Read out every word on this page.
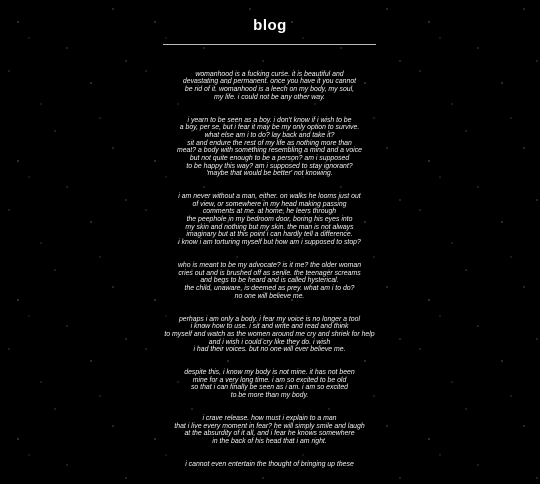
blog

womanhood is a fucking curse. it is beautiful and
devastating and permanent. once you have it you cannot
be rid of it. womanhood is a leech on my body, my soul,
my life. i could not be any other way.

i yearn to be seen as a boy. i don't know if i wish to be
a boy, per se, but i fear it may be my only option to survive.
what else am i to do? lay back and take it?
sit and endure the rest of my life as nothing more than
meat? a body with something resembling a mind and a voice
but not quite enough to be a person? am i supposed
to be happy this way? am i supposed to stay ignorant?
'maybe that would be better' not knowing.

i am never without a man, either. on walks he looms just out
of view, or somewhere in my head making passing
comments at me. at home, he leers through
the peephole in my bedroom door, boring his eyes into
my skin and nothing but my skin. the man is not always
imaginary but at this point i can hardly tell a difference.
i know i am torturing myself but how am i supposed to stop?

who is meant to be my advocate? is it me? the older woman
cries out and is brushed off as senile. the teenager screams
and begs to be heard and is called hysterical.
the child, unaware, is deemed as prey. what am i to do?
no one will believe me.

perhaps i am only a body. i fear my voice is no longer a tool
i know how to use. i sit and write and read and think
to myself and watch as the women around me cry and shriek for help
and i wish i could cry like they do. i wish
i had their voices. but no one will ever believe me.

despite this, i know my body is not mine. it has not been
mine for a very long time. i am so excited to be old
so that i can finally be seen as i am. i am so excited
to be more than my body.

i crave release. how must i explain to a man
that i live every moment in fear? he will simply smile and laugh
at the absurdity of it all, and i fear he knows somewhere
in the back of his head that i am right.

i cannot even entertain the thought of bringing up these
